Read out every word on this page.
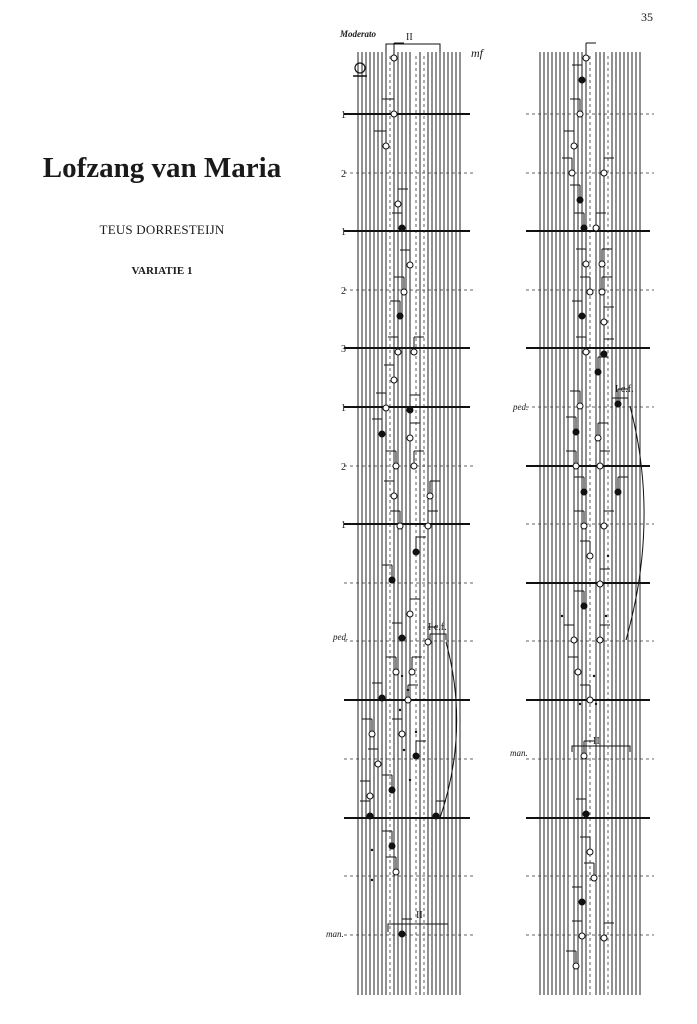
35
Lofzang van Maria
TEUS DORRESTEIJN
VARIATIE 1
1
2
1
2
3
1
2
1
Moderato	II
mf
ped.
I c.f.
man.
II
ped.
I c.f.
man.
II
